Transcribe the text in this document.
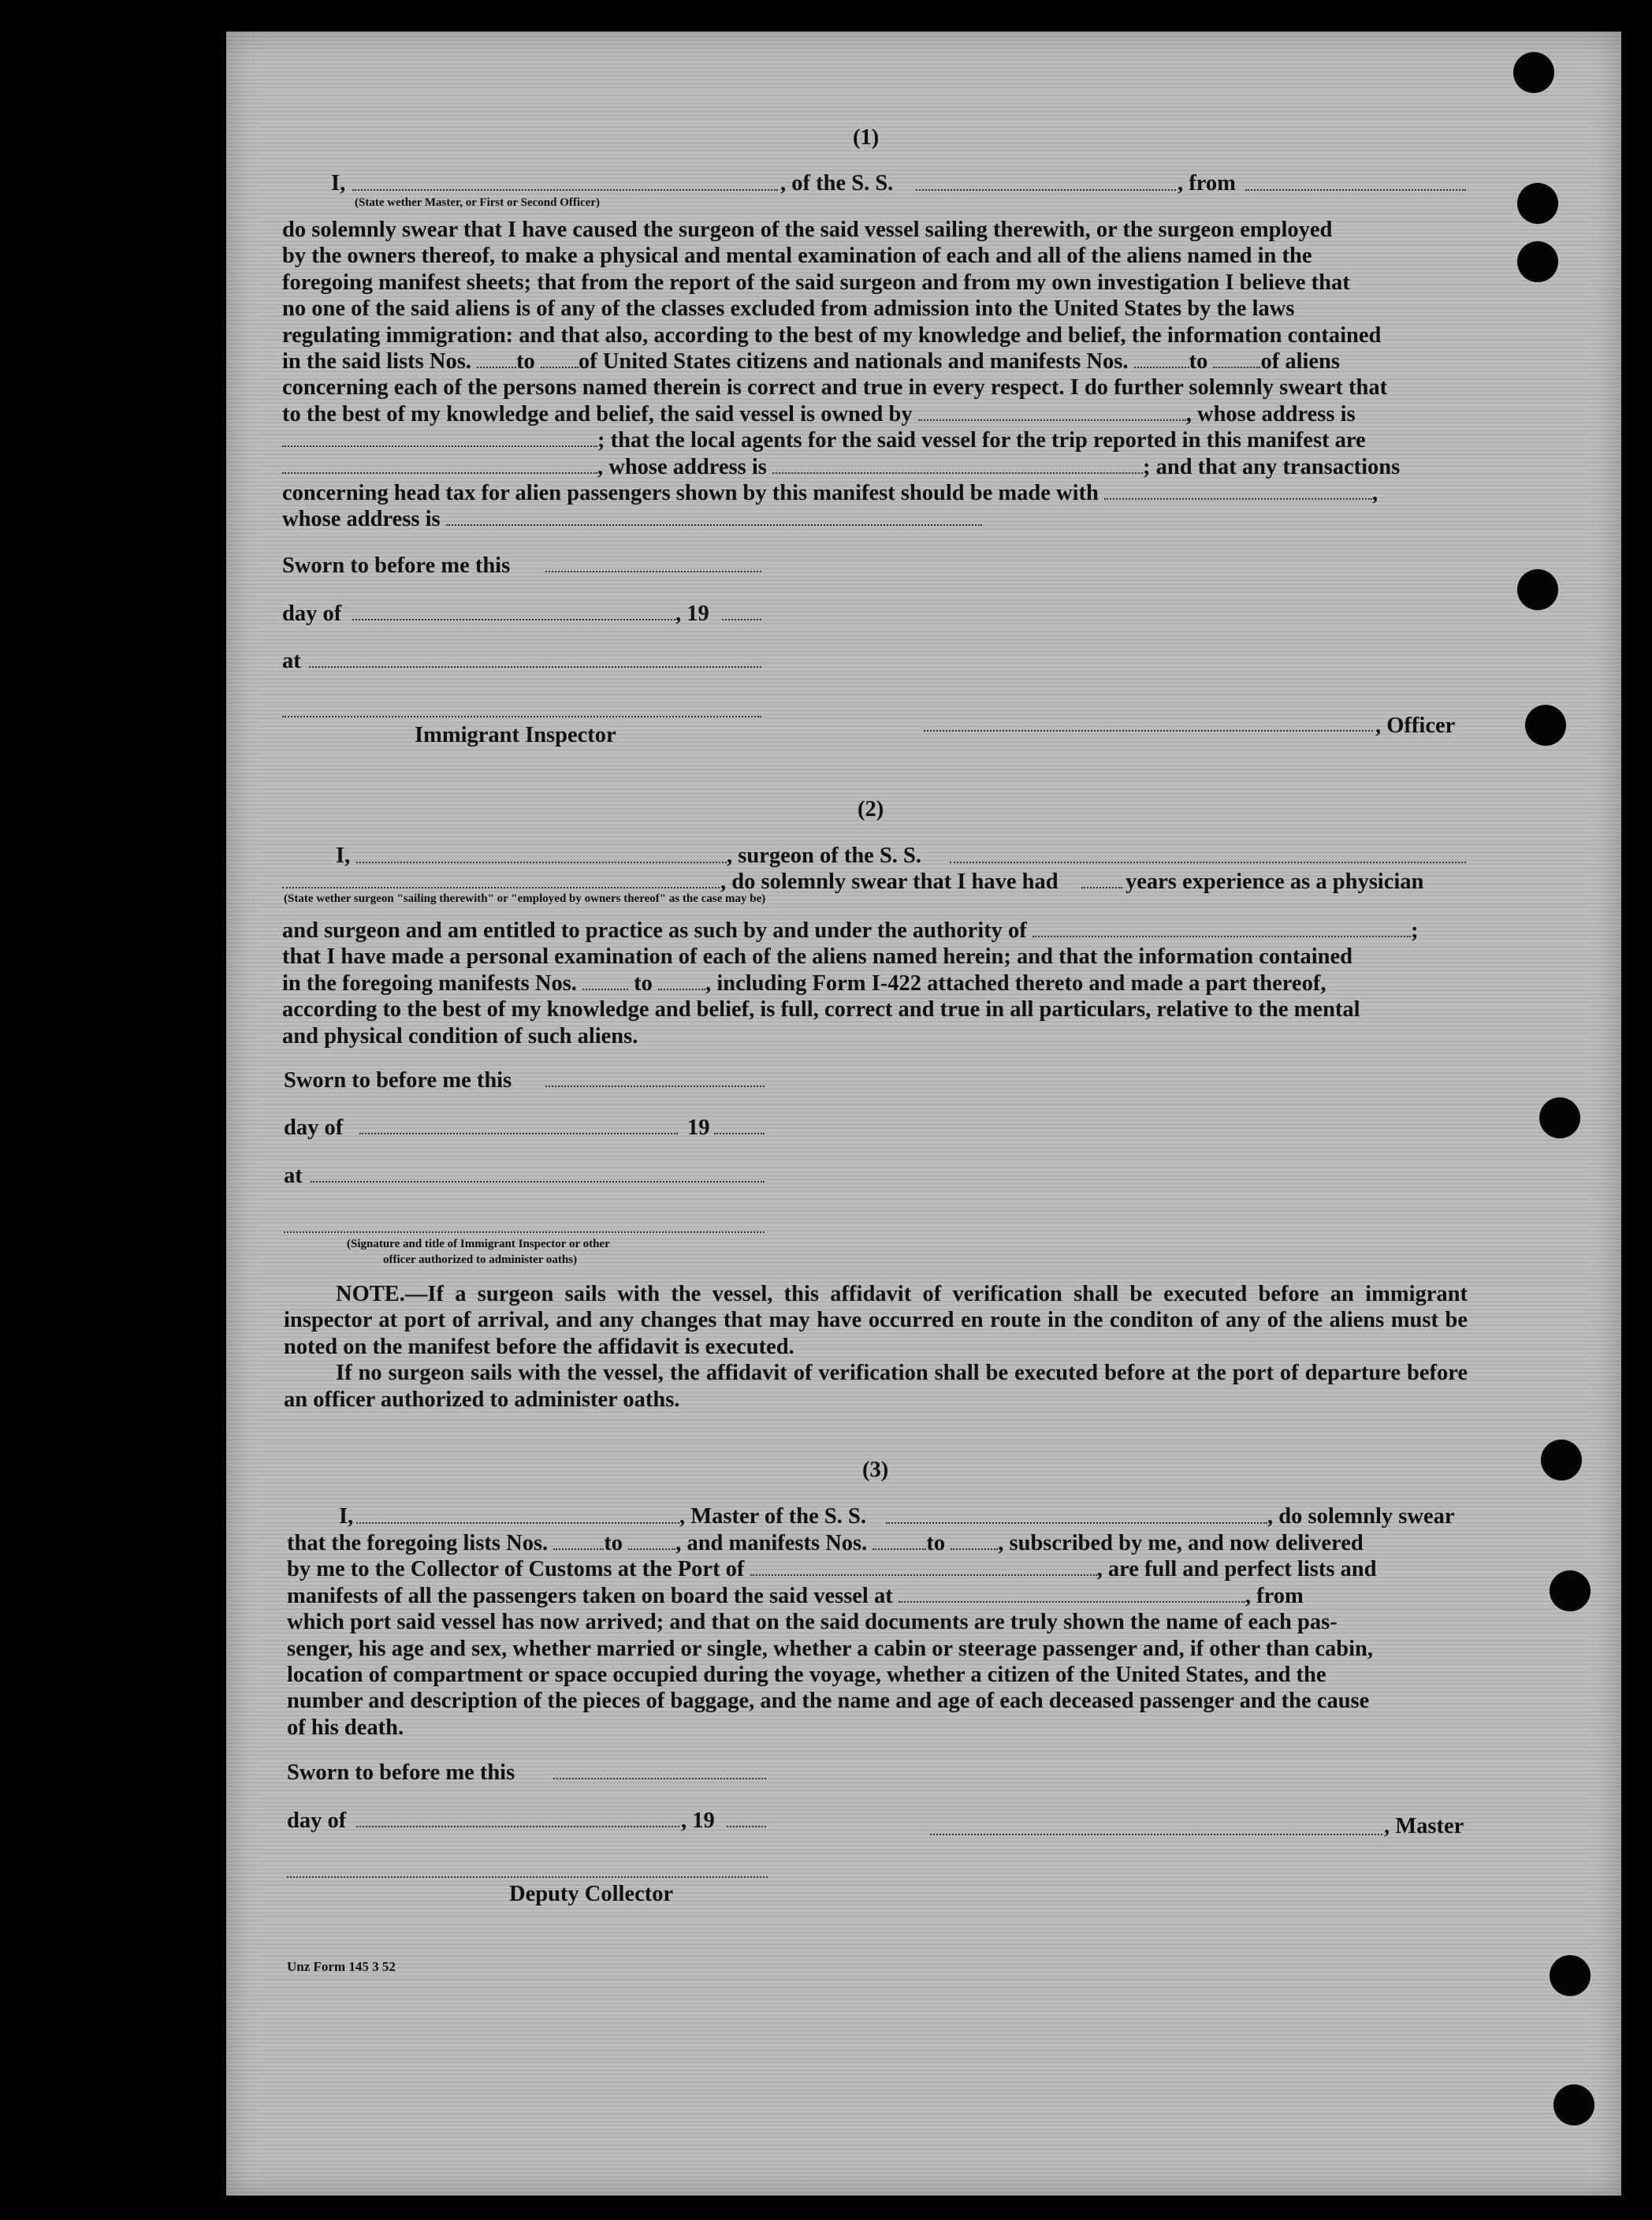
(1)
I,	, of the S. S.	, from
(State wether Master, or First or Second Officer)
do solemnly swear that I have caused the surgeon of the said vessel sailing therewith, or the surgeon employed
by the owners thereof, to make a physical and mental examination of each and all of the aliens named in the
foregoing manifest sheets; that from the report of the said surgeon and from my own investigation I believe that
no one of the said aliens is of any of the classes excluded from admission into the United States by the laws
regulating immigration: and that also, according to the best of my knowledge and belief, the information contained
in the said lists Nos. to of United States citizens and nationals and manifests Nos.	to of aliens
concerning each of the persons named therein is correct and true in every respect. I do further solemnly sweart that
to the best of my knowledge and belief, the said vessel is owned by	, whose address is
; that the local agents for the said vessel for the trip reported in this manifest are
, whose address is	; and that any transactions
concerning head tax for alien passengers shown by this manifest should be made with	,
whose address is
Sworn to before me this
day of	, 19
at
Immigrant Inspector	, Officer
(2)
I,	, surgeon of the S. S.
, do solemnly swear that I have had	years experience as a physician
(State wether surgeon "sailing therewith" or "employed by owners thereof" as the case may be)
and surgeon and am entitled to practice as such by and under the authority of	;
that I have made a personal examination of each of the aliens named herein; and that the information contained
in the foregoing manifests Nos.	to , including Form I-422 attached thereto and made a part thereof,
according to the best of my knowledge and belief, is full, correct and true in all particulars, relative to the mental
and physical condition of such aliens.
Sworn to before me this
day of	19
at
(Signature and title of Immigrant Inspector or other
officer authorized to administer oaths)
NOTE.—If a surgeon sails with the vessel, this affidavit of verification shall be executed before an immigrant inspector at port of arrival, and any changes that may have occurred en route in the conditon of any of the aliens must be noted on the manifest before the affidavit is executed.
If no surgeon sails with the vessel, the affidavit of verification shall be executed before at the port of departure before an officer authorized to administer oaths.
(3)
I,	, Master of the S. S.	, do solemnly swear
that the foregoing lists Nos. to , and manifests Nos.	to , subscribed by me, and now delivered
by me to the Collector of Customs at the Port of	, are full and perfect lists and
manifests of all the passengers taken on board the said vessel at	, from
which port said vessel has now arrived; and that on the said documents are truly shown the name of each pas-
senger, his age and sex, whether married or single, whether a cabin or steerage passenger and, if other than cabin,
location of compartment or space occupied during the voyage, whether a citizen of the United States, and the
number and description of the pieces of baggage, and the name and age of each deceased passenger and the cause
of his death.
Sworn to before me this
day of	, 19	, Master
Deputy Collector
Unz Form 145 3 52
